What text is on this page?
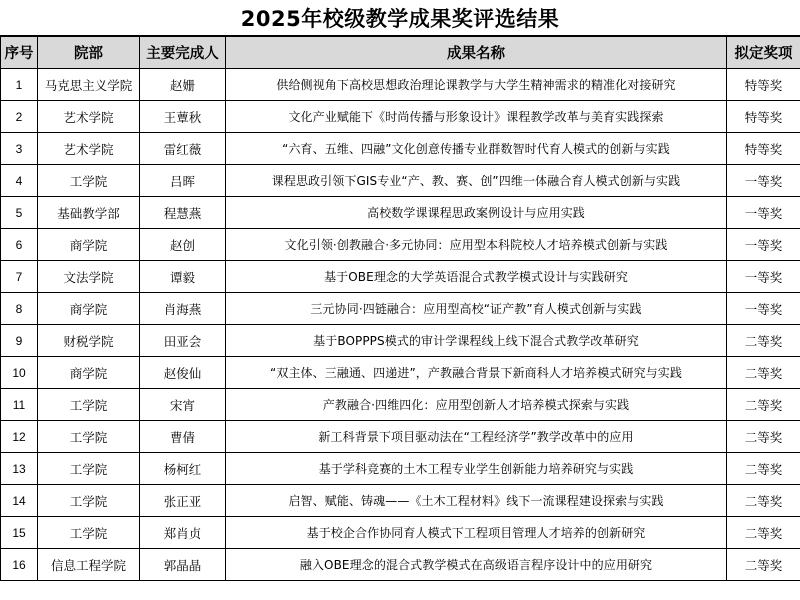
2025年校级教学成果奖评选结果
序号	院部	主要完成人	成果名称	拟定奖项
1	马克思主义学院	赵姗	供给侧视角下高校思想政治理论课教学与大学生精神需求的精准化对接研究	特等奖
2	艺术学院	王蕈秋	文化产业赋能下《时尚传播与形象设计》课程教学改革与美育实践探索	特等奖
3	艺术学院	雷红薇	“六育、五维、四融”文化创意传播专业群数智时代育人模式的创新与实践	特等奖
4	工学院	吕晖	课程思政引领下GIS专业“产、教、赛、创”四维一体融合育人模式创新与实践	一等奖
5	基础教学部	程慧燕	高校数学课课程思政案例设计与应用实践	一等奖
6	商学院	赵创	文化引领·创教融合·多元协同：应用型本科院校人才培养模式创新与实践	一等奖
7	文法学院	谭毅	基于OBE理念的大学英语混合式教学模式设计与实践研究	一等奖
8	商学院	肖海燕	三元协同·四链融合：应用型高校“证产教”育人模式创新与实践	一等奖
9	财税学院	田亚会	基于BOPPPS模式的审计学课程线上线下混合式教学改革研究	二等奖
10	商学院	赵俊仙	“双主体、三融通、四递进”，产教融合背景下新商科人才培养模式研究与实践	二等奖
11	工学院	宋宵	产教融合·四维四化：应用型创新人才培养模式探索与实践	二等奖
12	工学院	曹倩	新工科背景下项目驱动法在“工程经济学”教学改革中的应用	二等奖
13	工学院	杨柯红	基于学科竞赛的土木工程专业学生创新能力培养研究与实践	二等奖
14	工学院	张正亚	启智、赋能、铸魂——《土木工程材料》线下一流课程建设探索与实践	二等奖
15	工学院	郑肖贞	基于校企合作协同育人模式下工程项目管理人才培养的创新研究	二等奖
16	信息工程学院	郭晶晶	融入OBE理念的混合式教学模式在高级语言程序设计中的应用研究	二等奖
